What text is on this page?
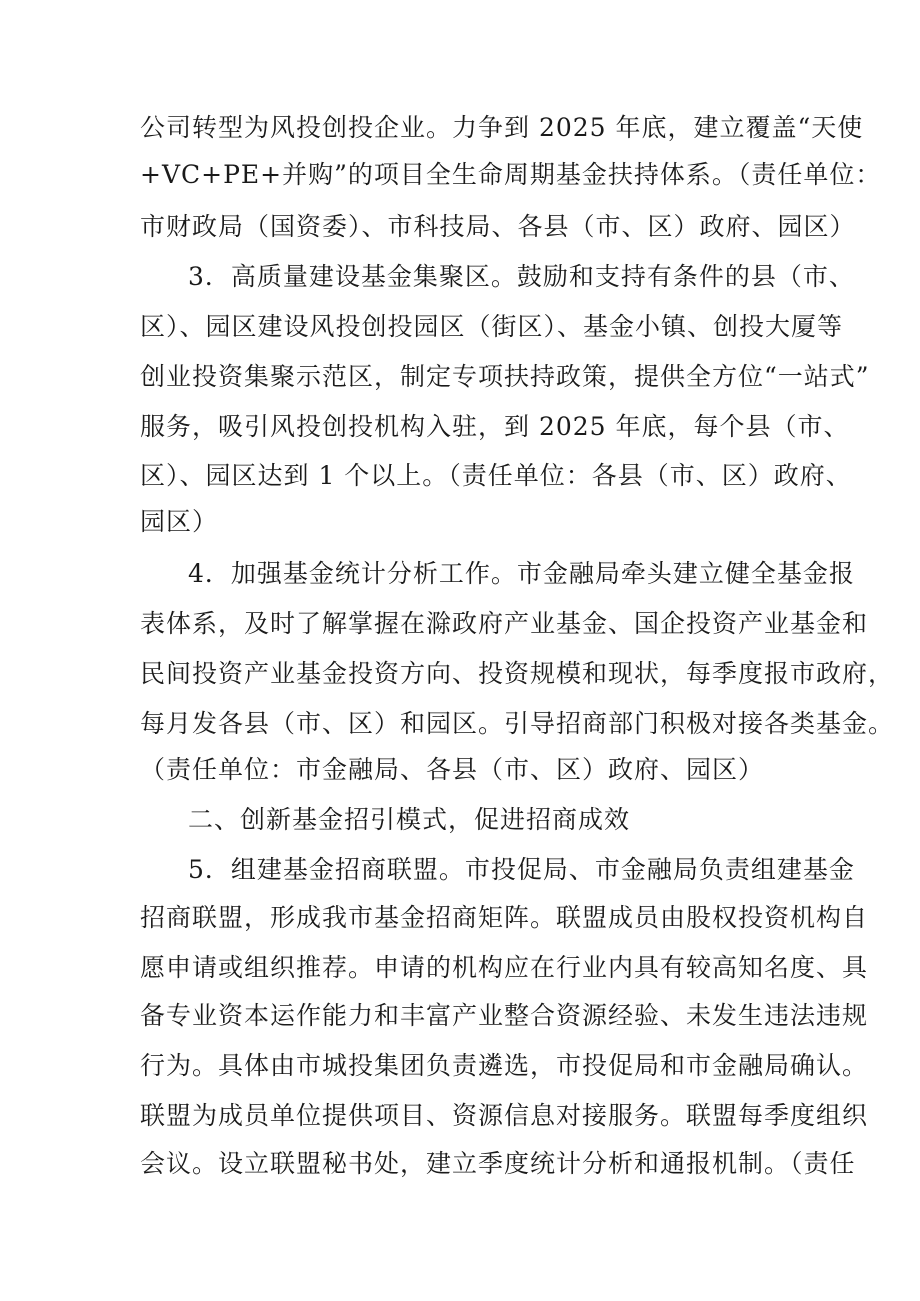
公司转型为风投创投企业。力争到 2025 年底，建立覆盖“天使
+VC+PE+并购”的项目全生命周期基金扶持体系。（责任单位：
市财政局（国资委）、市科技局、各县（市、区）政府、园区）
3．高质量建设基金集聚区。鼓励和支持有条件的县（市、
区）、园区建设风投创投园区（街区）、基金小镇、创投大厦等
创业投资集聚示范区，制定专项扶持政策，提供全方位“一站式”
服务，吸引风投创投机构入驻，到 2025 年底，每个县（市、
区）、园区达到 1 个以上。（责任单位：各县（市、区）政府、
园区）
4．加强基金统计分析工作。市金融局牵头建立健全基金报
表体系，及时了解掌握在滁政府产业基金、国企投资产业基金和
民间投资产业基金投资方向、投资规模和现状，每季度报市政府，
每月发各县（市、区）和园区。引导招商部门积极对接各类基金。
（责任单位：市金融局、各县（市、区）政府、园区）
二、创新基金招引模式，促进招商成效
5．组建基金招商联盟。市投促局、市金融局负责组建基金
招商联盟，形成我市基金招商矩阵。联盟成员由股权投资机构自
愿申请或组织推荐。申请的机构应在行业内具有较高知名度、具
备专业资本运作能力和丰富产业整合资源经验、未发生违法违规
行为。具体由市城投集团负责遴选，市投促局和市金融局确认。
联盟为成员单位提供项目、资源信息对接服务。联盟每季度组织
会议。设立联盟秘书处，建立季度统计分析和通报机制。（责任
